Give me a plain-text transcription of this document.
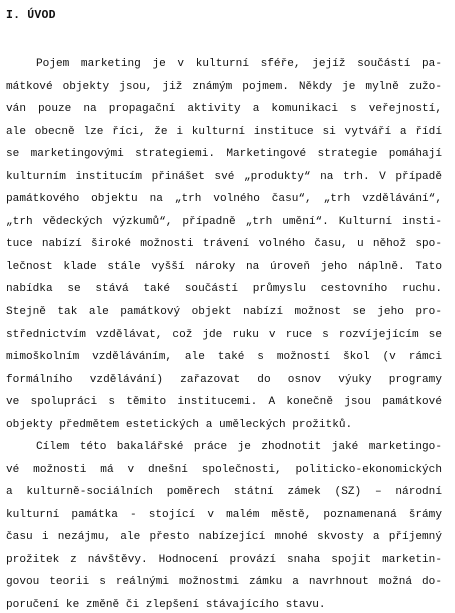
I. ÚVOD
Pojem marketing je v kulturní sféře, jejíž součástí pa-
mátkové objekty jsou, již známým pojmem. Někdy je mylně zužo-
ván pouze na propagační aktivity a komunikaci s veřejností,
ale obecně lze říci, že i kulturní instituce si vytváří a řídí
se marketingovými strategiemi. Marketingové strategie pomáhají
kulturním institucím přinášet své „produkty“ na trh. V případě
památkového objektu na „trh volného času“, „trh vzdělávání“,
„trh vědeckých výzkumů“, případně „trh umění“. Kulturní insti-
tuce nabízí široké možnosti trávení volného času, u něhož spo-
lečnost klade stále vyšší nároky na úroveň jeho náplně. Tato
nabídka se stává také součástí průmyslu cestovního ruchu.
Stejně tak ale památkový objekt nabízí možnost se jeho pro-
střednictvím vzdělávat, což jde ruku v ruce s rozvíjejícím se
mimoškolním vzděláváním, ale také s možností škol (v rámci
formálního vzdělávání) zařazovat do osnov výuky programy
ve spolupráci s těmito institucemi. A konečně jsou památkové
objekty předmětem estetických a uměleckých prožitků.
Cílem této bakalářské práce je zhodnotit jaké marketingo-
vé možnosti má v dnešní společnosti, politicko-ekonomických
a kulturně-sociálních poměrech státní zámek (SZ) – národní
kulturní památka - stojící v malém městě, poznamenaná šrámy
času i nezájmu, ale přesto nabízející mnohé skvosty a příjemný
prožitek z návštěvy. Hodnocení provází snaha spojit marketin-
govou teorii s reálnými možnostmi zámku a navrhnout možná do-
poručení ke změně či zlepšení stávajícího stavu.
